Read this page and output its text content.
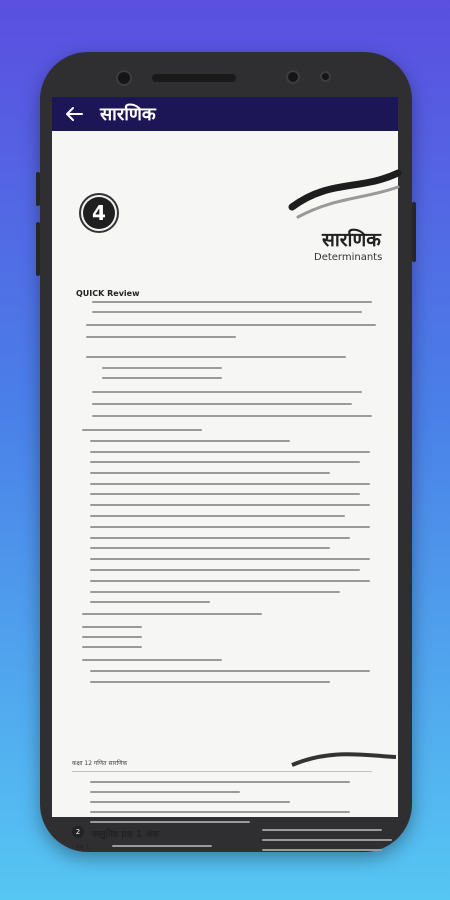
सारणिक
4
सारणिक
Determinants
QUICK Review
कक्षा 12 गणित सारणिक
2	वस्तुनिष्ठ प्रश्न 1 अंक
प्रश्न 1.
